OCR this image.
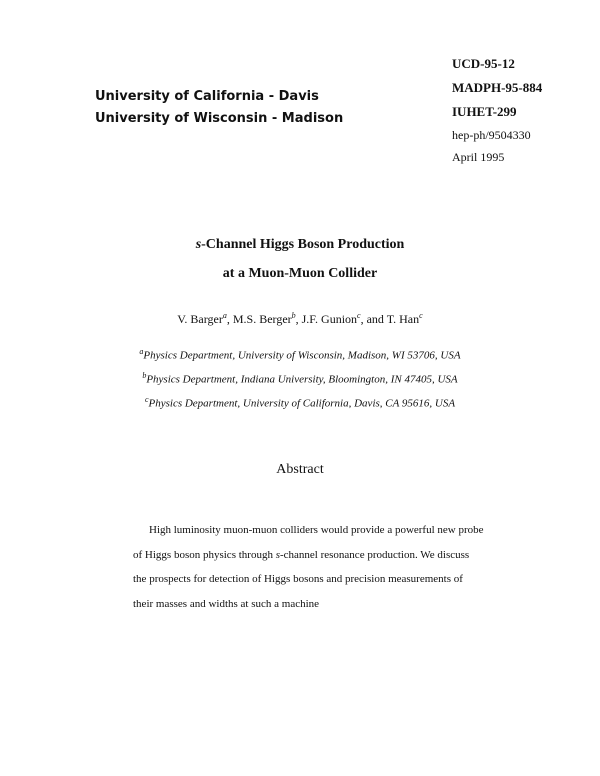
UCD-95-12
MADPH-95-884
IUHET-299
hep-ph/9504330
April 1995
University of California - Davis
University of Wisconsin - Madison
s-Channel Higgs Boson Production
at a Muon-Muon Collider
V. Barger$^a$, M.S. Berger$^b$, J.F. Gunion$^c$, and T. Han$^c$
$^a$Physics Department, University of Wisconsin, Madison, WI 53706, USA
$^b$Physics Department, Indiana University, Bloomington, IN 47405, USA
$^c$Physics Department, University of California, Davis, CA 95616, USA
Abstract
High luminosity muon-muon colliders would provide a powerful new probe
of Higgs boson physics through s-channel resonance production. We discuss
the prospects for detection of Higgs bosons and precision measurements of
their masses and widths at such a machine
